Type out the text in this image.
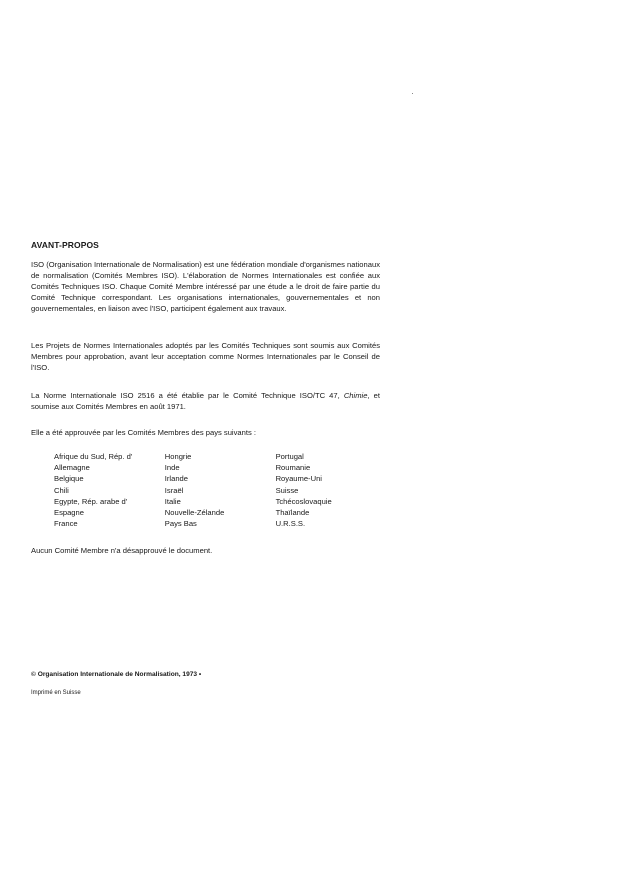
AVANT-PROPOS
ISO (Organisation Internationale de Normalisation) est une fédération mondiale d'organismes nationaux de normalisation (Comités Membres ISO). L'élaboration de Normes Internationales est confiée aux Comités Techniques ISO. Chaque Comité Membre intéressé par une étude a le droit de faire partie du Comité Technique correspondant. Les organisations internationales, gouvernementales et non gouvernementales, en liaison avec l'ISO, participent également aux travaux.
Les Projets de Normes Internationales adoptés par les Comités Techniques sont soumis aux Comités Membres pour approbation, avant leur acceptation comme Normes Internationales par le Conseil de l'ISO.
La Norme Internationale ISO 2516 a été établie par le Comité Technique ISO/TC 47, Chimie, et soumise aux Comités Membres en août 1971.
Elle a été approuvée par les Comités Membres des pays suivants :
Afrique du Sud, Rép. d'
Allemagne
Belgique
Chili
Egypte, Rép. arabe d'
Espagne
France
Hongrie
Inde
Irlande
Israël
Italie
Nouvelle-Zélande
Pays Bas
Portugal
Roumanie
Royaume-Uni
Suisse
Tchécoslovaquie
Thaïlande
U.R.S.S.
Aucun Comité Membre n'a désapprouvé le document.
© Organisation Internationale de Normalisation, 1973 •
Imprimé en Suisse
